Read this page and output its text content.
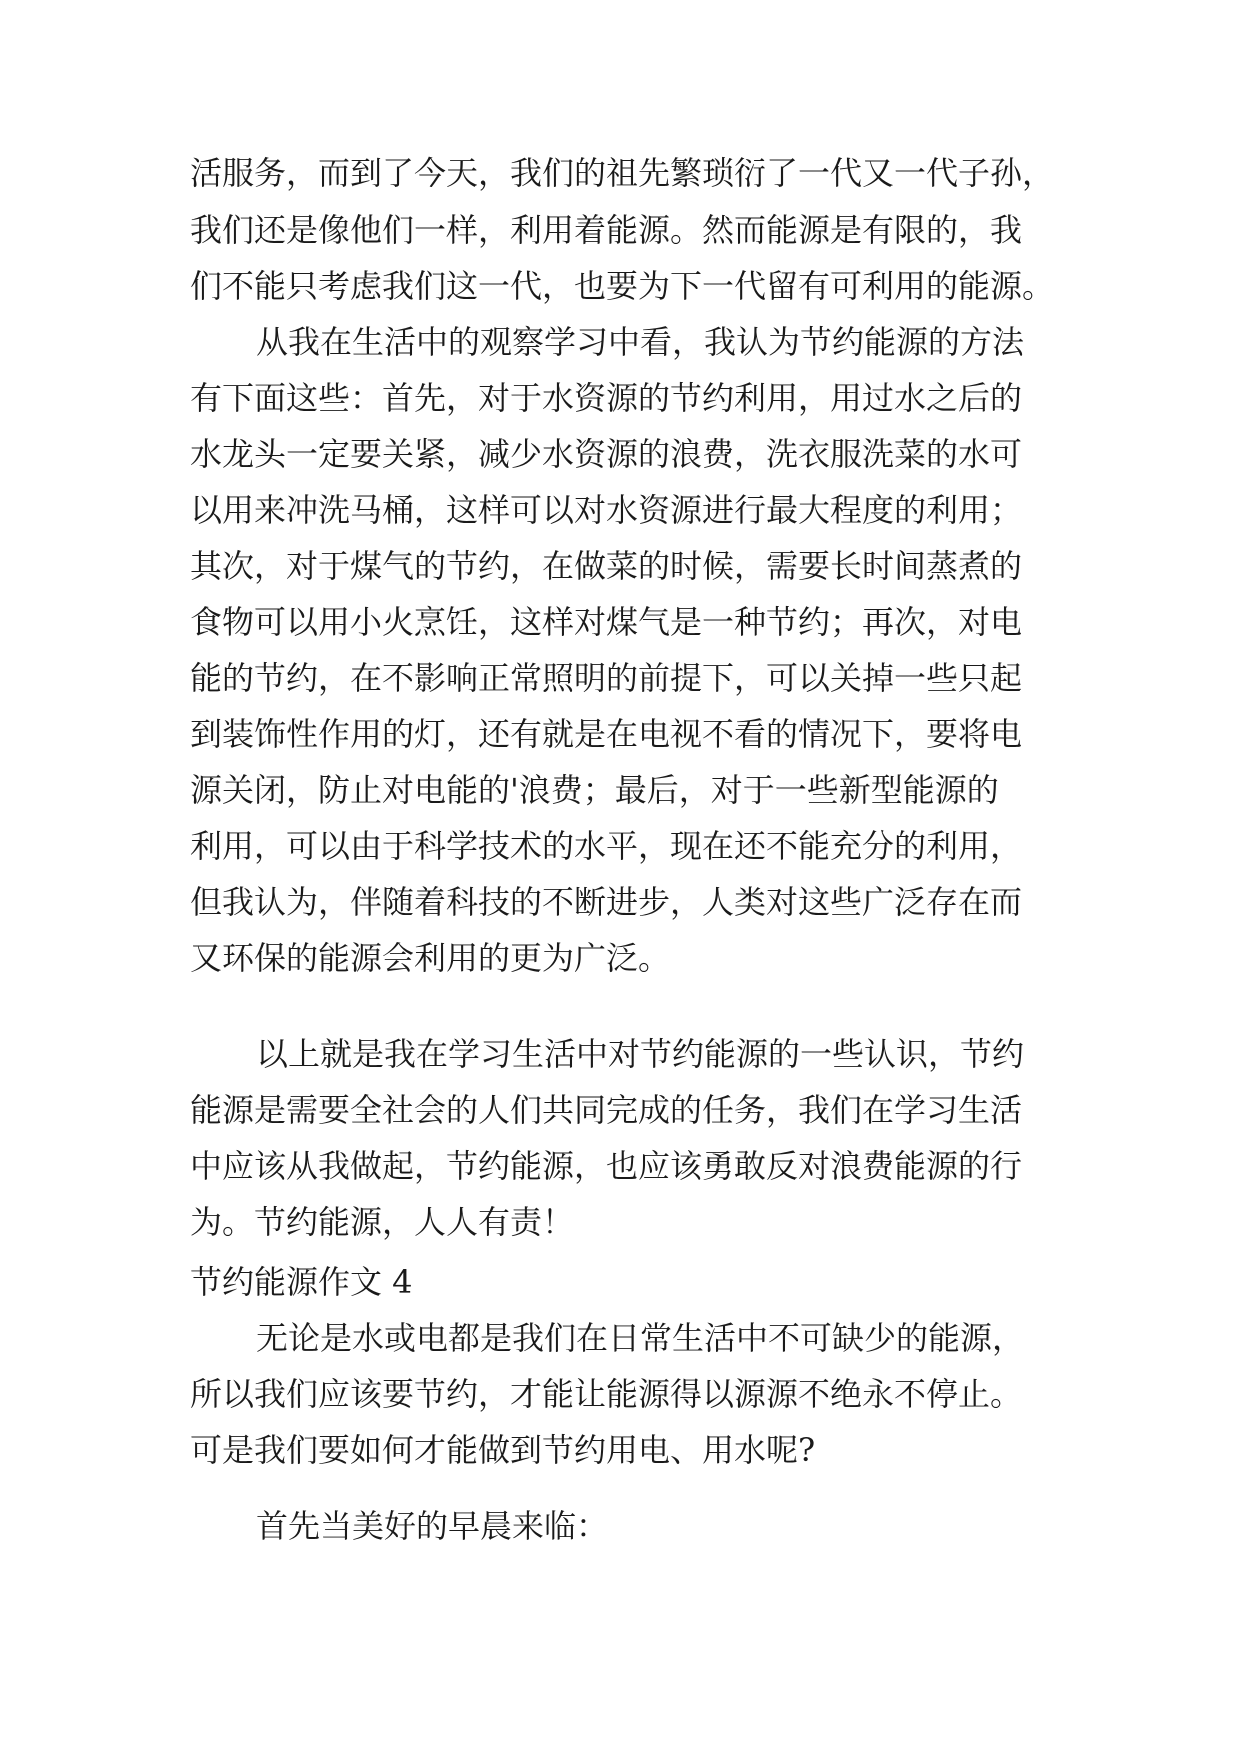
活服务，而到了今天，我们的祖先繁琐衍了一代又一代子孙，
我们还是像他们一样，利用着能源。然而能源是有限的，我
们不能只考虑我们这一代，也要为下一代留有可利用的能源。
从我在生活中的观察学习中看，我认为节约能源的方法
有下面这些：首先，对于水资源的节约利用，用过水之后的
水龙头一定要关紧，减少水资源的浪费，洗衣服洗菜的水可
以用来冲洗马桶，这样可以对水资源进行最大程度的利用；
其次，对于煤气的节约，在做菜的时候，需要长时间蒸煮的
食物可以用小火烹饪，这样对煤气是一种节约；再次，对电
能的节约，在不影响正常照明的前提下，可以关掉一些只起
到装饰性作用的灯，还有就是在电视不看的情况下，要将电
源关闭，防止对电能的'浪费；最后，对于一些新型能源的
利用，可以由于科学技术的水平，现在还不能充分的利用，
但我认为，伴随着科技的不断进步，人类对这些广泛存在而
又环保的能源会利用的更为广泛。
以上就是我在学习生活中对节约能源的一些认识，节约
能源是需要全社会的人们共同完成的任务，我们在学习生活
中应该从我做起，节约能源，也应该勇敢反对浪费能源的行
为。节约能源，人人有责！
节约能源作文 4
无论是水或电都是我们在日常生活中不可缺少的能源，
所以我们应该要节约，才能让能源得以源源不绝永不停止。
可是我们要如何才能做到节约用电、用水呢?
首先当美好的早晨来临：
